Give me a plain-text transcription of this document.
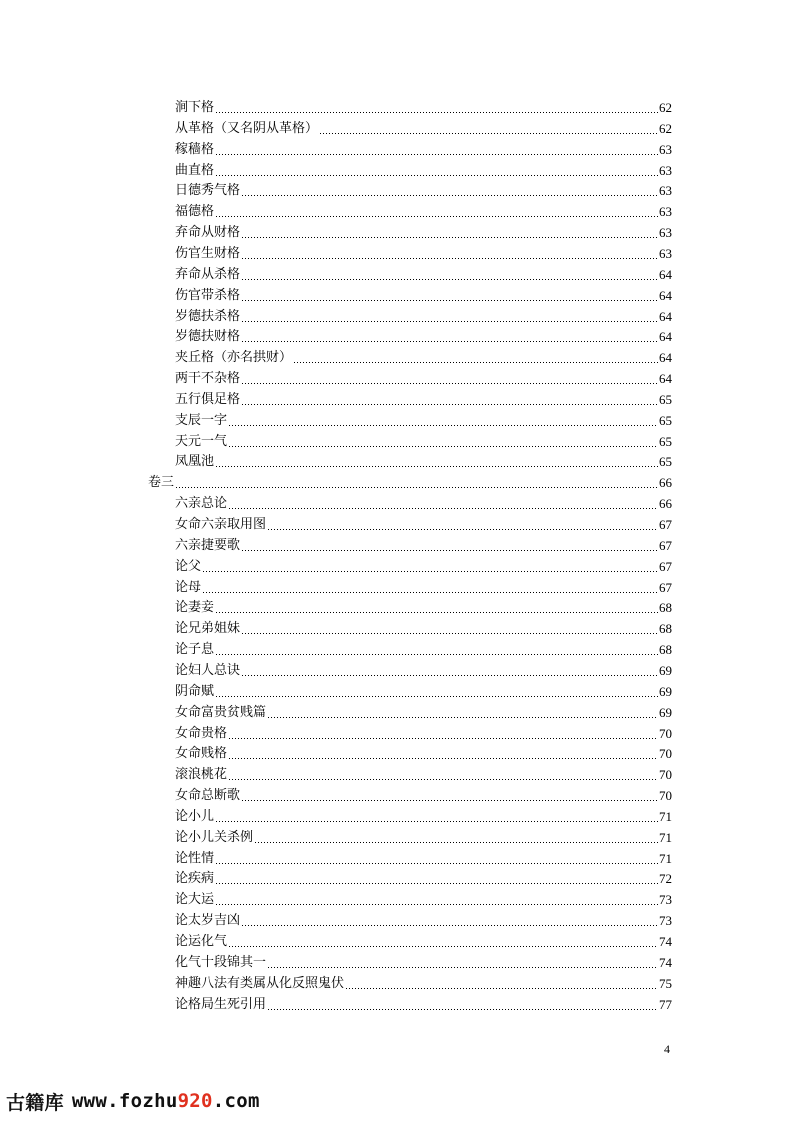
涧下格	62
从革格（又名阴从革格）	62
稼穑格	63
曲直格	63
日德秀气格	63
福德格	63
弃命从财格	63
伤官生财格	63
弃命从杀格	64
伤官带杀格	64
岁德扶杀格	64
岁德扶财格	64
夹丘格（亦名拱财）	64
两干不杂格	64
五行俱足格	65
支辰一字	65
天元一气	65
凤凰池	65
卷三	66
六亲总论	66
女命六亲取用图	67
六亲捷要歌	67
论父	67
论母	67
论妻妾	68
论兄弟姐妹	68
论子息	68
论妇人总诀	69
阴命赋	69
女命富贵贫贱篇	69
女命贵格	70
女命贱格	70
滚浪桃花	70
女命总断歌	70
论小儿	71
论小儿关杀例	71
论性情	71
论疾病	72
论大运	73
论太岁吉凶	73
论运化气	74
化气十段锦其一	74
神趣八法有类属从化反照鬼伏	75
论格局生死引用	77
4
古籍库 www.fozhu920.com
